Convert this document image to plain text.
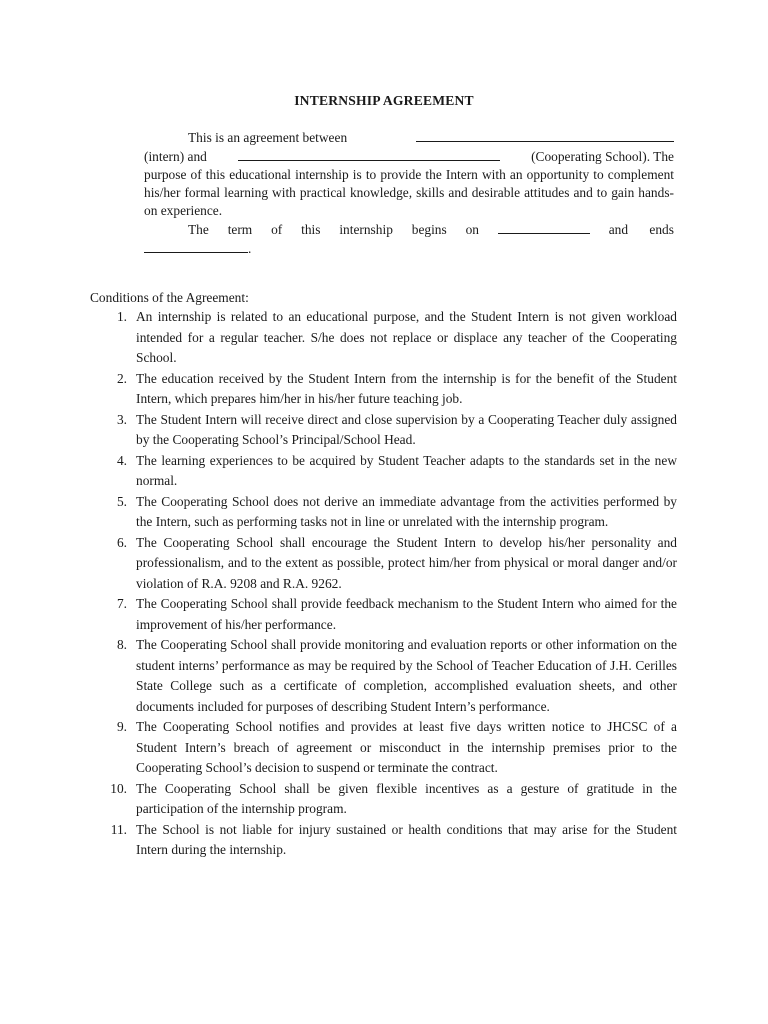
INTERNSHIP AGREEMENT

This is an agreement between
(intern) and	(Cooperating School). The
purpose of this educational internship is to provide the Intern with an opportunity to complement his/her formal learning with practical knowledge, skills and desirable attitudes and to gain hands-on experience.

The term of this internship begins on	and ends
.

Conditions of the Agreement:
1. An internship is related to an educational purpose, and the Student Intern is not given workload intended for a regular teacher. S/he does not replace or displace any teacher of the Cooperating School.
2. The education received by the Student Intern from the internship is for the benefit of the Student Intern, which prepares him/her in his/her future teaching job.
3. The Student Intern will receive direct and close supervision by a Cooperating Teacher duly assigned by the Cooperating School’s Principal/School Head.
4. The learning experiences to be acquired by Student Teacher adapts to the standards set in the new normal.
5. The Cooperating School does not derive an immediate advantage from the activities performed by the Intern, such as performing tasks not in line or unrelated with the internship program.
6. The Cooperating School shall encourage the Student Intern to develop his/her personality and professionalism, and to the extent as possible, protect him/her from physical or moral danger and/or violation of R.A. 9208 and R.A. 9262.
7. The Cooperating School shall provide feedback mechanism to the Student Intern who aimed for the improvement of his/her performance.
8. The Cooperating School shall provide monitoring and evaluation reports or other information on the student interns’ performance as may be required by the School of Teacher Education of J.H. Cerilles State College such as a certificate of completion, accomplished evaluation sheets, and other documents included for purposes of describing Student Intern’s performance.
9. The Cooperating School notifies and provides at least five days written notice to JHCSC of a Student Intern’s breach of agreement or misconduct in the internship premises prior to the Cooperating School’s decision to suspend or terminate the contract.
10. The Cooperating School shall be given flexible incentives as a gesture of gratitude in the participation of the internship program.
11. The School is not liable for injury sustained or health conditions that may arise for the Student Intern during the internship.
